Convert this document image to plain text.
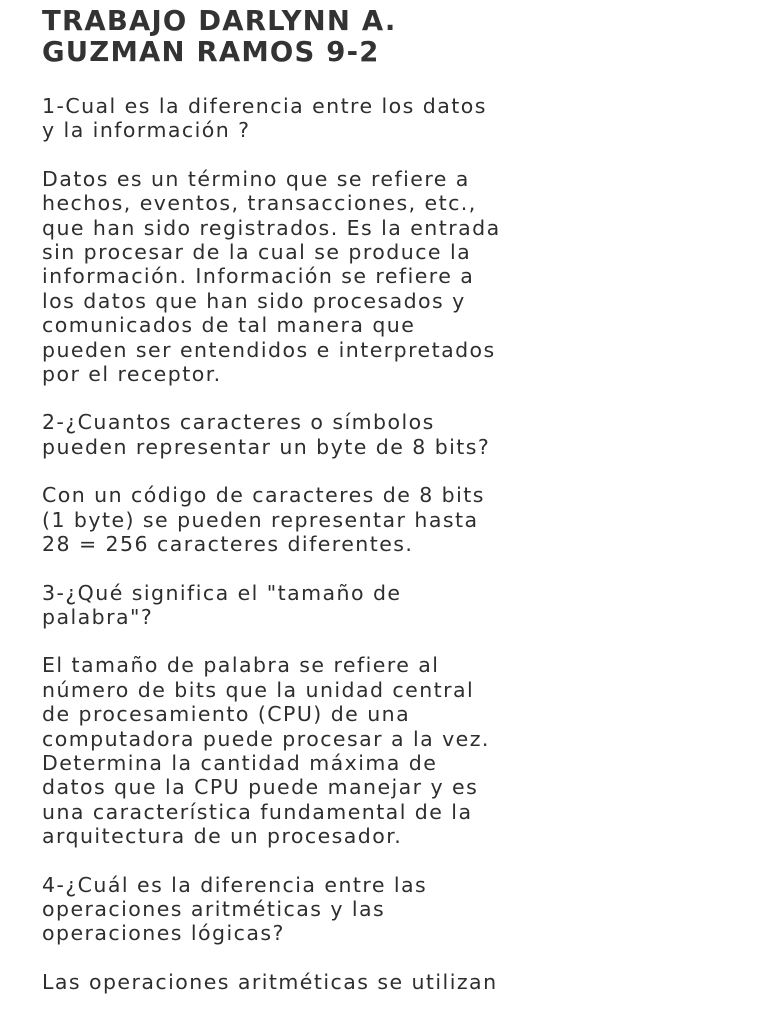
TRABAJO DARLYNN A.
GUZMAN RAMOS 9-2

1-Cual es la diferencia entre los datos
y la información ?

Datos es un término que se refiere a
hechos, eventos, transacciones, etc.,
que han sido registrados. Es la entrada
sin procesar de la cual se produce la
información. Información se refiere a
los datos que han sido procesados y
comunicados de tal manera que
pueden ser entendidos e interpretados
por el receptor.

2-¿Cuantos caracteres o símbolos
pueden representar un byte de 8 bits?

Con un código de caracteres de 8 bits
(1 byte) se pueden representar hasta
28 = 256 caracteres diferentes.

3-¿Qué significa el "tamaño de
palabra"?

El tamaño de palabra se refiere al
número de bits que la unidad central
de procesamiento (CPU) de una
computadora puede procesar a la vez.
Determina la cantidad máxima de
datos que la CPU puede manejar y es
una característica fundamental de la
arquitectura de un procesador.

4-¿Cuál es la diferencia entre las
operaciones aritméticas y las
operaciones lógicas?

Las operaciones aritméticas se utilizan
